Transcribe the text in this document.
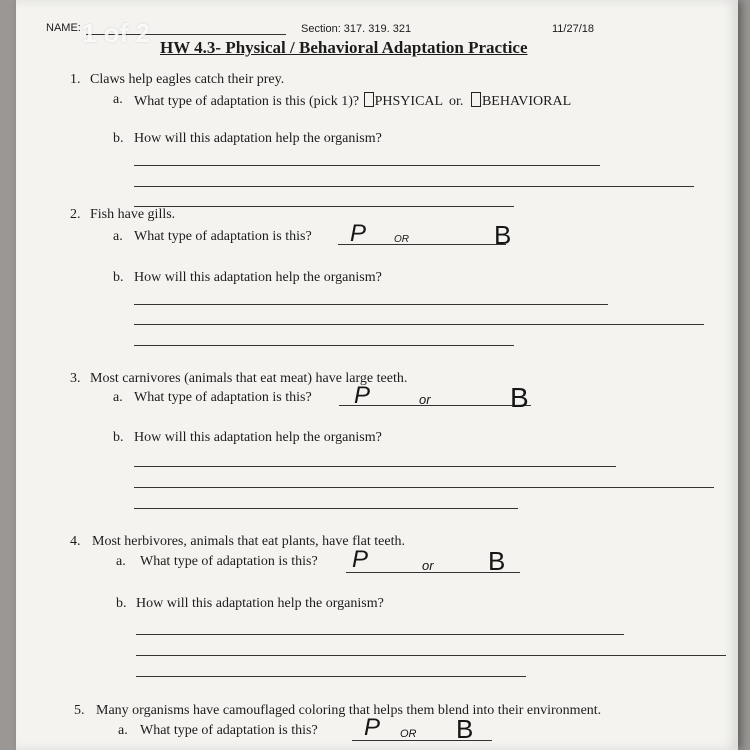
NAME: 1 of 2	Section: 317. 319. 321	11/27/18
HW 4.3- Physical / Behavioral Adaptation Practice
1. Claws help eagles catch their prey.
a. What type of adaptation is this (pick 1)? PHSYICAL or. BEHAVIORAL
b. How will this adaptation help the organism?
2. Fish have gills.
a. What type of adaptation is this? P	OR	B
b. How will this adaptation help the organism?
3. Most carnivores (animals that eat meat) have large teeth.
a. What type of adaptation is this? P	or	B
b. How will this adaptation help the organism?
4. Most herbivores, animals that eat plants, have flat teeth.
a. What type of adaptation is this? P	or B
b. How will this adaptation help the organism?
5. Many organisms have camouflaged coloring that helps them blend into their environment.
a. What type of adaptation is this? P OR B
